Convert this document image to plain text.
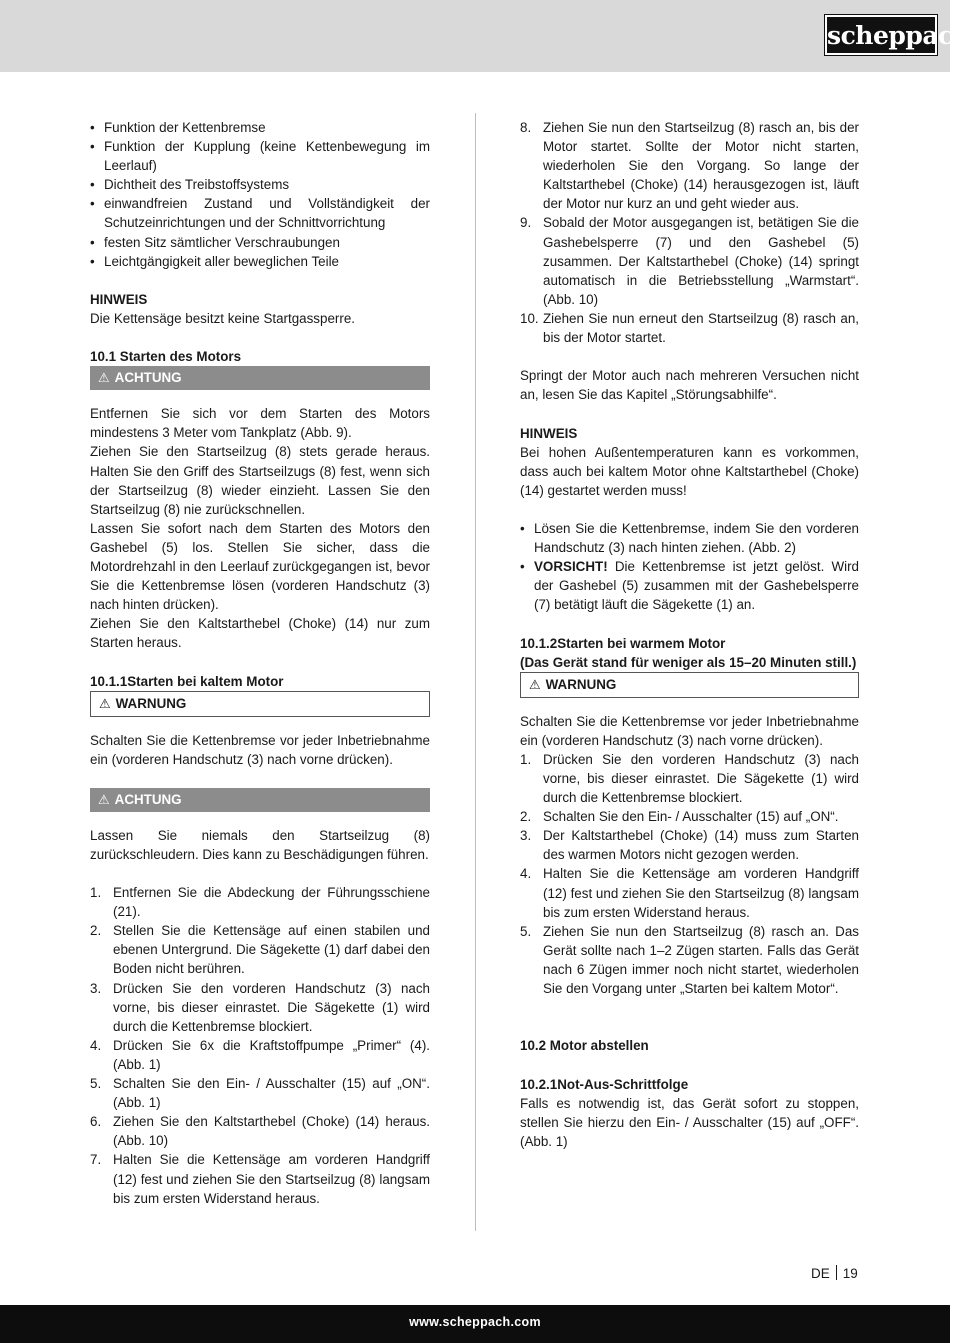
scheppach
• Funktion der Kettenbremse
• Funktion der Kupplung (keine Kettenbewegung im Leerlauf)
• Dichtheit des Treibstoffsystems
• einwandfreien Zustand und Vollständigkeit der Schutzeinrichtungen und der Schnittvorrichtung
• festen Sitz sämtlicher Verschraubungen
• Leichtgängigkeit aller beweglichen Teile

HINWEIS

Die Kettensäge besitzt keine Startgassperre.

10.1 Starten des Motors

⚠ ACHTUNG

Entfernen Sie sich vor dem Starten des Motors mindestens 3 Meter vom Tankplatz (Abb. 9).

Ziehen Sie den Startseilzug (8) stets gerade heraus. Halten Sie den Griff des Startseilzugs (8) fest, wenn sich der Startseilzug (8) wieder einzieht. Lassen Sie den Startseilzug (8) nie zurückschnellen.

Lassen Sie sofort nach dem Starten des Motors den Gashebel (5) los. Stellen Sie sicher, dass die Motordrehzahl in den Leerlauf zurückgegangen ist, bevor Sie die Kettenbremse lösen (vorderen Handschutz (3) nach hinten drücken).

Ziehen Sie den Kaltstarthebel (Choke) (14) nur zum Starten heraus.

10.1.1Starten bei kaltem Motor

⚠ WARNUNG

Schalten Sie die Kettenbremse vor jeder Inbetriebnahme ein (vorderen Handschutz (3) nach vorne drücken).

⚠ ACHTUNG

Lassen Sie niemals den Startseilzug (8) zurückschleudern. Dies kann zu Beschädigungen führen.

1. Entfernen Sie die Abdeckung der Führungsschiene (21).
2. Stellen Sie die Kettensäge auf einen stabilen und ebenen Untergrund. Die Sägekette (1) darf dabei den Boden nicht berühren.
3. Drücken Sie den vorderen Handschutz (3) nach vorne, bis dieser einrastet. Die Sägekette (1) wird durch die Kettenbremse blockiert.
4. Drücken Sie 6x die Kraftstoffpumpe „Primer“ (4). (Abb. 1)
5. Schalten Sie den Ein- / Ausschalter (15) auf „ON“. (Abb. 1)
6. Ziehen Sie den Kaltstarthebel (Choke) (14) heraus. (Abb. 10)
7. Halten Sie die Kettensäge am vorderen Handgriff (12) fest und ziehen Sie den Startseilzug (8) langsam bis zum ersten Widerstand heraus.
8. Ziehen Sie nun den Startseilzug (8) rasch an, bis der Motor startet. Sollte der Motor nicht starten, wiederholen Sie den Vorgang. So lange der Kaltstarthebel (Choke) (14) herausgezogen ist, läuft der Motor nur kurz an und geht wieder aus.
9. Sobald der Motor ausgegangen ist, betätigen Sie die Gashebelsperre (7) und den Gashebel (5) zusammen. Der Kaltstarthebel (Choke) (14) springt automatisch in die Betriebsstellung „Warmstart“. (Abb. 10)
10. Ziehen Sie nun erneut den Startseilzug (8) rasch an, bis der Motor startet.

Springt der Motor auch nach mehreren Versuchen nicht an, lesen Sie das Kapitel „Störungsabhilfe“.

HINWEIS

Bei hohen Außentemperaturen kann es vorkommen, dass auch bei kaltem Motor ohne Kaltstarthebel (Choke) (14) gestartet werden muss!

• Lösen Sie die Kettenbremse, indem Sie den vorderen Handschutz (3) nach hinten ziehen. (Abb. 2)
• VORSICHT! Die Kettenbremse ist jetzt gelöst. Wird der Gashebel (5) zusammen mit der Gashebelsperre (7) betätigt läuft die Sägekette (1) an.

10.1.2Starten bei warmem Motor

(Das Gerät stand für weniger als 15–20 Minuten still.)

⚠ WARNUNG

Schalten Sie die Kettenbremse vor jeder Inbetriebnahme ein (vorderen Handschutz (3) nach vorne drücken).

1. Drücken Sie den vorderen Handschutz (3) nach vorne, bis dieser einrastet. Die Sägekette (1) wird durch die Kettenbremse blockiert.
2. Schalten Sie den Ein- / Ausschalter (15) auf „ON“.
3. Der Kaltstarthebel (Choke) (14) muss zum Starten des warmen Motors nicht gezogen werden.
4. Halten Sie die Kettensäge am vorderen Handgriff (12) fest und ziehen Sie den Startseilzug (8) langsam bis zum ersten Widerstand heraus.
5. Ziehen Sie nun den Startseilzug (8) rasch an. Das Gerät sollte nach 1–2 Zügen starten. Falls das Gerät nach 6 Zügen immer noch nicht startet, wiederholen Sie den Vorgang unter „Starten bei kaltem Motor“.

10.2 Motor abstellen

10.2.1Not-Aus-Schrittfolge

Falls es notwendig ist, das Gerät sofort zu stoppen, stellen Sie hierzu den Ein- / Ausschalter (15) auf „OFF“. (Abb. 1)

DE 19
www.scheppach.com
